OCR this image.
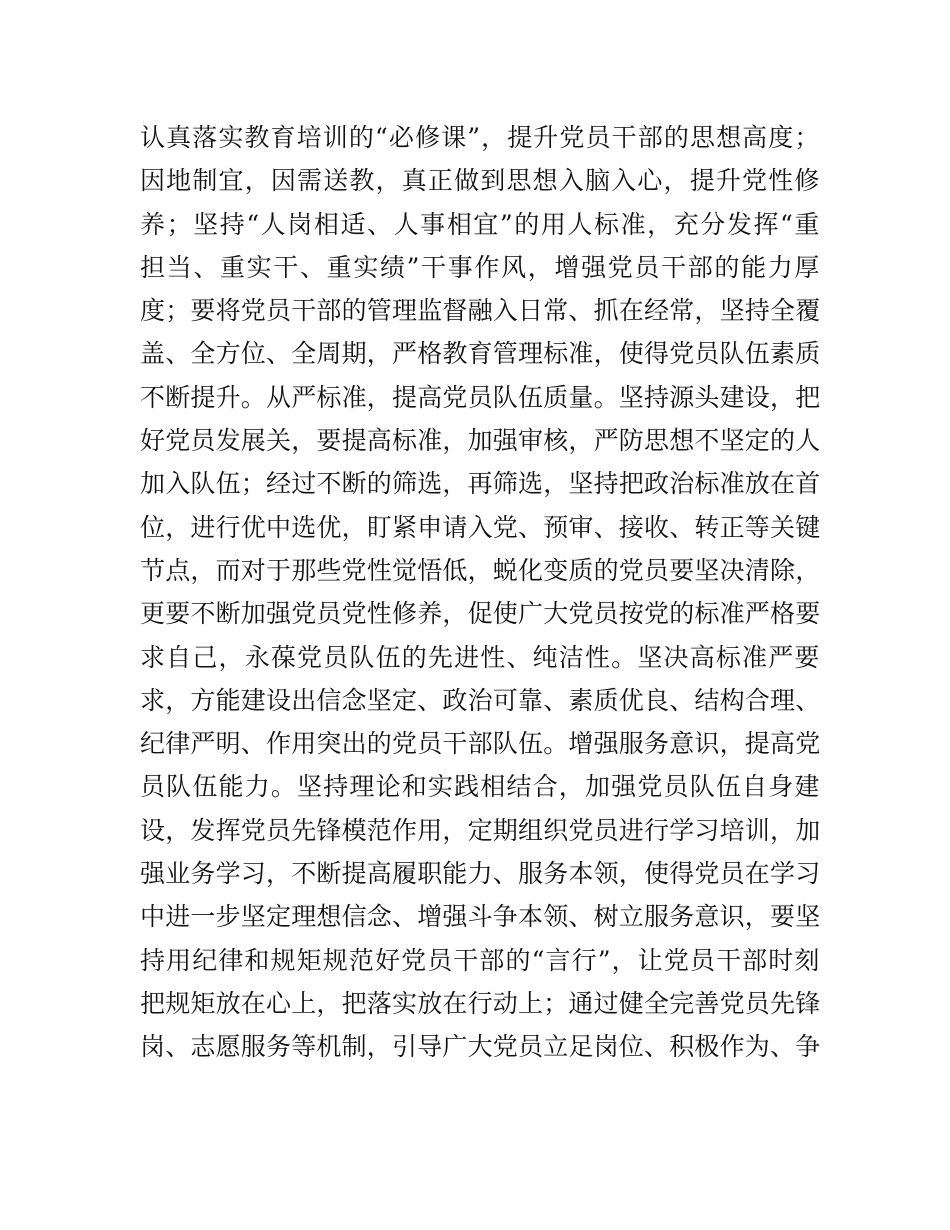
认真落实教育培训的“必修课”，提升党员干部的思想高度；
因地制宜，因需送教，真正做到思想入脑入心，提升党性修
养；坚持“人岗相适、人事相宜”的用人标准，充分发挥“重
担当、重实干、重实绩”干事作风，增强党员干部的能力厚
度；要将党员干部的管理监督融入日常、抓在经常，坚持全覆
盖、全方位、全周期，严格教育管理标准，使得党员队伍素质
不断提升。从严标准，提高党员队伍质量。坚持源头建设，把
好党员发展关，要提高标准，加强审核，严防思想不坚定的人
加入队伍；经过不断的筛选，再筛选，坚持把政治标准放在首
位，进行优中选优，盯紧申请入党、预审、接收、转正等关键
节点，而对于那些党性觉悟低，蜕化变质的党员要坚决清除，
更要不断加强党员党性修养，促使广大党员按党的标准严格要
求自己，永葆党员队伍的先进性、纯洁性。坚决高标准严要
求，方能建设出信念坚定、政治可靠、素质优良、结构合理、
纪律严明、作用突出的党员干部队伍。增强服务意识，提高党
员队伍能力。坚持理论和实践相结合，加强党员队伍自身建
设，发挥党员先锋模范作用，定期组织党员进行学习培训，加
强业务学习，不断提高履职能力、服务本领，使得党员在学习
中进一步坚定理想信念、增强斗争本领、树立服务意识，要坚
持用纪律和规矩规范好党员干部的“言行”，让党员干部时刻
把规矩放在心上，把落实放在行动上；通过健全完善党员先锋
岗、志愿服务等机制，引导广大党员立足岗位、积极作为、争
